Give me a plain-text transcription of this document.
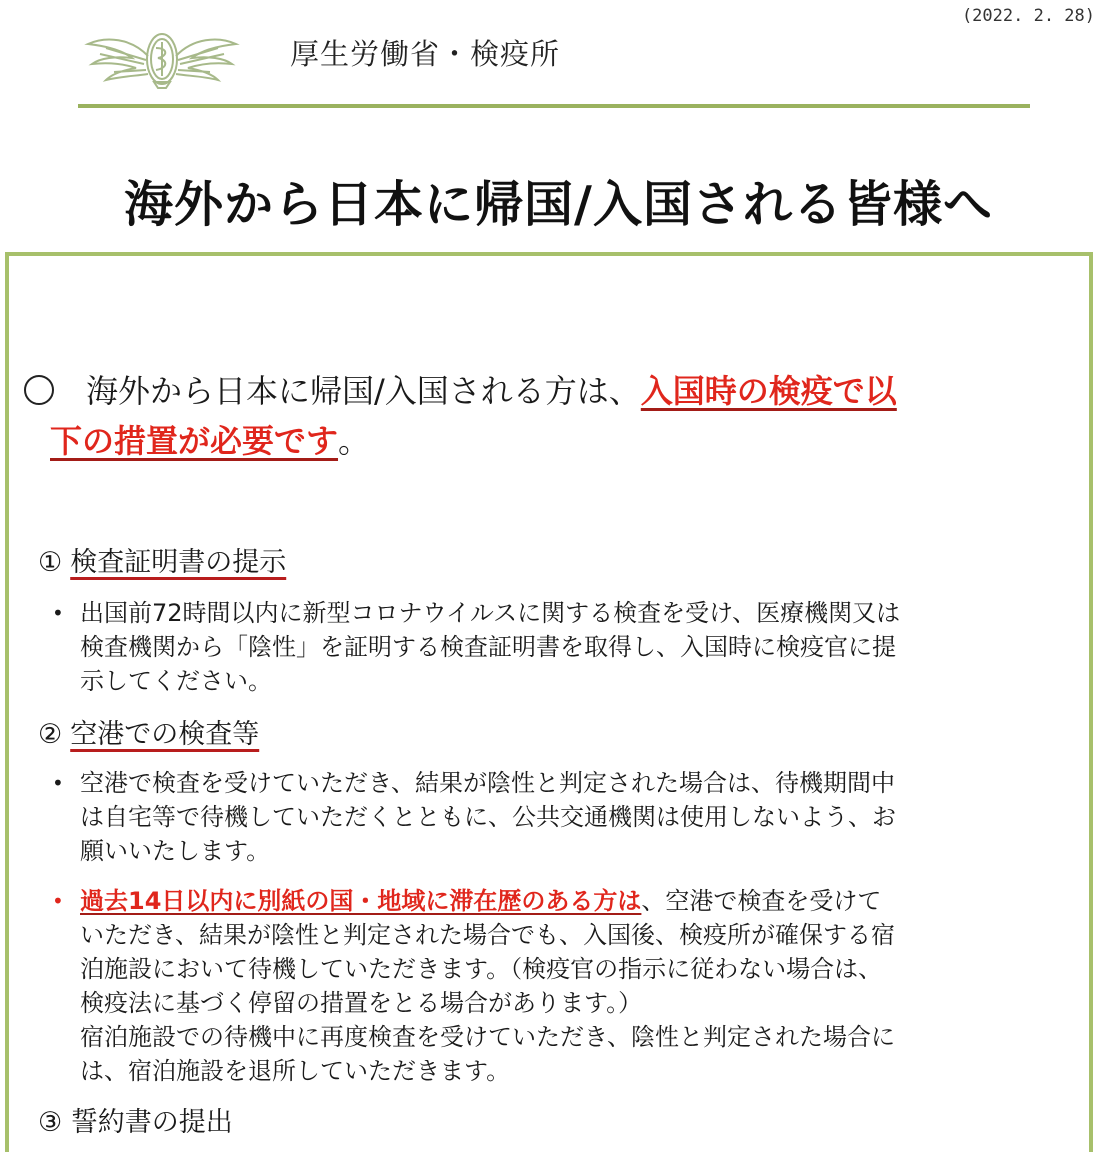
(2022. 2. 28)
厚生労働省・検疫所
海外から日本に帰国/入国される皆様へ
海外から日本に帰国/入国される方は、入国時の検疫で以
下の措置が必要です。
① 検査証明書の提示
• 出国前72時間以内に新型コロナウイルスに関する検査を受け、医療機関又は
検査機関から「陰性」を証明する検査証明書を取得し、入国時に検疫官に提
示してください。
② 空港での検査等
• 空港で検査を受けていただき、結果が陰性と判定された場合は、待機期間中
は自宅等で待機していただくとともに、公共交通機関は使用しないよう、お
願いいたします。
• 過去14日以内に別紙の国・地域に滞在歴のある方は、空港で検査を受けて
いただき、結果が陰性と判定された場合でも、入国後、検疫所が確保する宿
泊施設において待機していただきます。（検疫官の指示に従わない場合は、
検疫法に基づく停留の措置をとる場合があります。）
宿泊施設での待機中に再度検査を受けていただき、陰性と判定された場合に
は、宿泊施設を退所していただきます。
③ 誓約書の提出
